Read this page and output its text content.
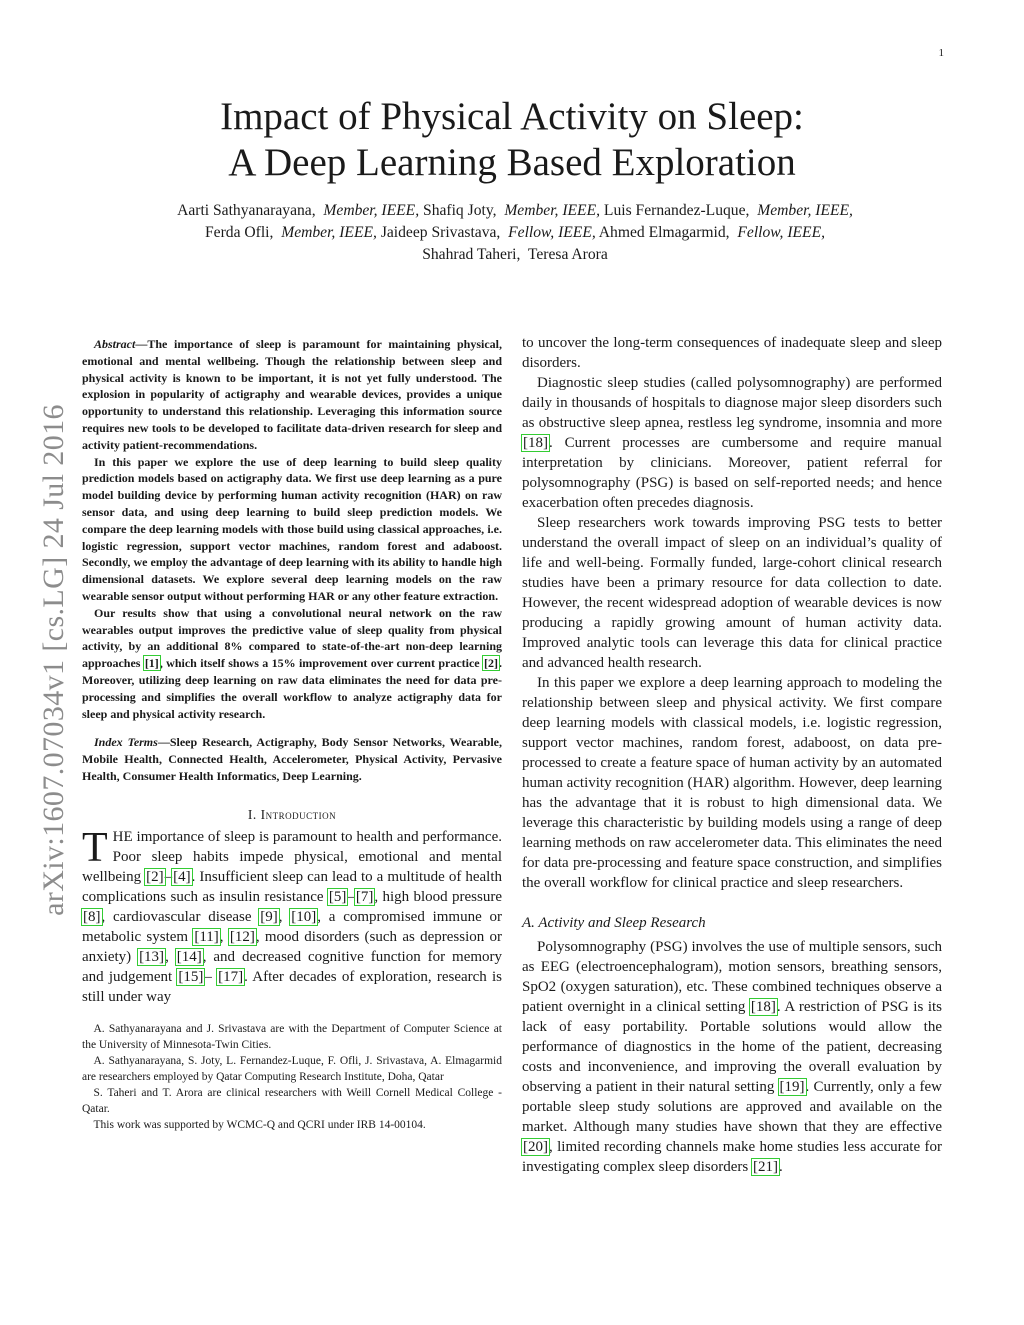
1
arXiv:1607.07034v1 [cs.LG] 24 Jul 2016
Impact of Physical Activity on Sleep:
A Deep Learning Based Exploration
Aarti Sathyanarayana, Member, IEEE, Shafiq Joty, Member, IEEE, Luis Fernandez-Luque, Member, IEEE,
Ferda Ofli, Member, IEEE, Jaideep Srivastava, Fellow, IEEE, Ahmed Elmagarmid, Fellow, IEEE,
Shahrad Taheri, Teresa Arora

Abstract—The importance of sleep is paramount for maintaining physical, emotional and mental wellbeing. Though the relationship between sleep and physical activity is known to be important, it is not yet fully understood. The explosion in popularity of actigraphy and wearable devices, provides a unique opportunity to understand this relationship. Leveraging this information source requires new tools to be developed to facilitate data-driven research for sleep and activity patient-recommendations.

In this paper we explore the use of deep learning to build sleep quality prediction models based on actigraphy data. We first use deep learning as a pure model building device by performing human activity recognition (HAR) on raw sensor data, and using deep learning to build sleep prediction models. We compare the deep learning models with those build using classical approaches, i.e. logistic regression, support vector machines, random forest and adaboost. Secondly, we employ the advantage of deep learning with its ability to handle high dimensional datasets. We explore several deep learning models on the raw wearable sensor output without performing HAR or any other feature extraction.

Our results show that using a convolutional neural network on the raw wearables output improves the predictive value of sleep quality from physical activity, by an additional 8% compared to state-of-the-art non-deep learning approaches [1], which itself shows a 15% improvement over current practice [2]. Moreover, utilizing deep learning on raw data eliminates the need for data pre-processing and simplifies the overall workflow to analyze actigraphy data for sleep and physical activity research.

Index Terms—Sleep Research, Actigraphy, Body Sensor Networks, Wearable, Mobile Health, Connected Health, Accelerometer, Physical Activity, Pervasive Health, Consumer Health Informatics, Deep Learning.
I. Introduction

THE importance of sleep is paramount to health and performance. Poor sleep habits impede physical, emotional and mental wellbeing [2]–[4]. Insufficient sleep can lead to a multitude of health complications such as insulin resistance [5]–[7], high blood pressure [8], cardiovascular disease [9], [10], a compromised immune or metabolic system [11], [12], mood disorders (such as depression or anxiety) [13], [14], and decreased cognitive function for memory and judgement [15]– [17]. After decades of exploration, research is still under way

A. Sathyanarayana and J. Srivastava are with the Department of Computer Science at the University of Minnesota-Twin Cities.

A. Sathyanarayana, S. Joty, L. Fernandez-Luque, F. Ofli, J. Srivastava, A. Elmagarmid are researchers employed by Qatar Computing Research Institute, Doha, Qatar

S. Taheri and T. Arora are clinical researchers with Weill Cornell Medical College - Qatar.

This work was supported by WCMC-Q and QCRI under IRB 14-00104.

to uncover the long-term consequences of inadequate sleep and sleep disorders.

Diagnostic sleep studies (called polysomnography) are performed daily in thousands of hospitals to diagnose major sleep disorders such as obstructive sleep apnea, restless leg syndrome, insomnia and more [18]. Current processes are cumbersome and require manual interpretation by clinicians. Moreover, patient referral for polysomnography (PSG) is based on self-reported needs; and hence exacerbation often precedes diagnosis.

Sleep researchers work towards improving PSG tests to better understand the overall impact of sleep on an individual’s quality of life and well-being. Formally funded, large-cohort clinical research studies have been a primary resource for data collection to date. However, the recent widespread adoption of wearable devices is now producing a rapidly growing amount of human activity data. Improved analytic tools can leverage this data for clinical practice and advanced health research.

In this paper we explore a deep learning approach to modeling the relationship between sleep and physical activity. We first compare deep learning models with classical models, i.e. logistic regression, support vector machines, random forest, adaboost, on data pre-processed to create a feature space of human activity by an automated human activity recognition (HAR) algorithm. However, deep learning has the advantage that it is robust to high dimensional data. We leverage this characteristic by building models using a range of deep learning methods on raw accelerometer data. This eliminates the need for data pre-processing and feature space construction, and simplifies the overall workflow for clinical practice and sleep researchers.

A. Activity and Sleep Research

Polysomnography (PSG) involves the use of multiple sensors, such as EEG (electroencephalogram), motion sensors, breathing sensors, SpO2 (oxygen saturation), etc. These combined techniques observe a patient overnight in a clinical setting [18]. A restriction of PSG is its lack of easy portability. Portable solutions would allow the performance of diagnostics in the home of the patient, decreasing costs and inconvenience, and improving the overall evaluation by observing a patient in their natural setting [19]. Currently, only a few portable sleep study solutions are approved and available on the market. Although many studies have shown that they are effective [20], limited recording channels make home studies less accurate for investigating complex sleep disorders [21].
